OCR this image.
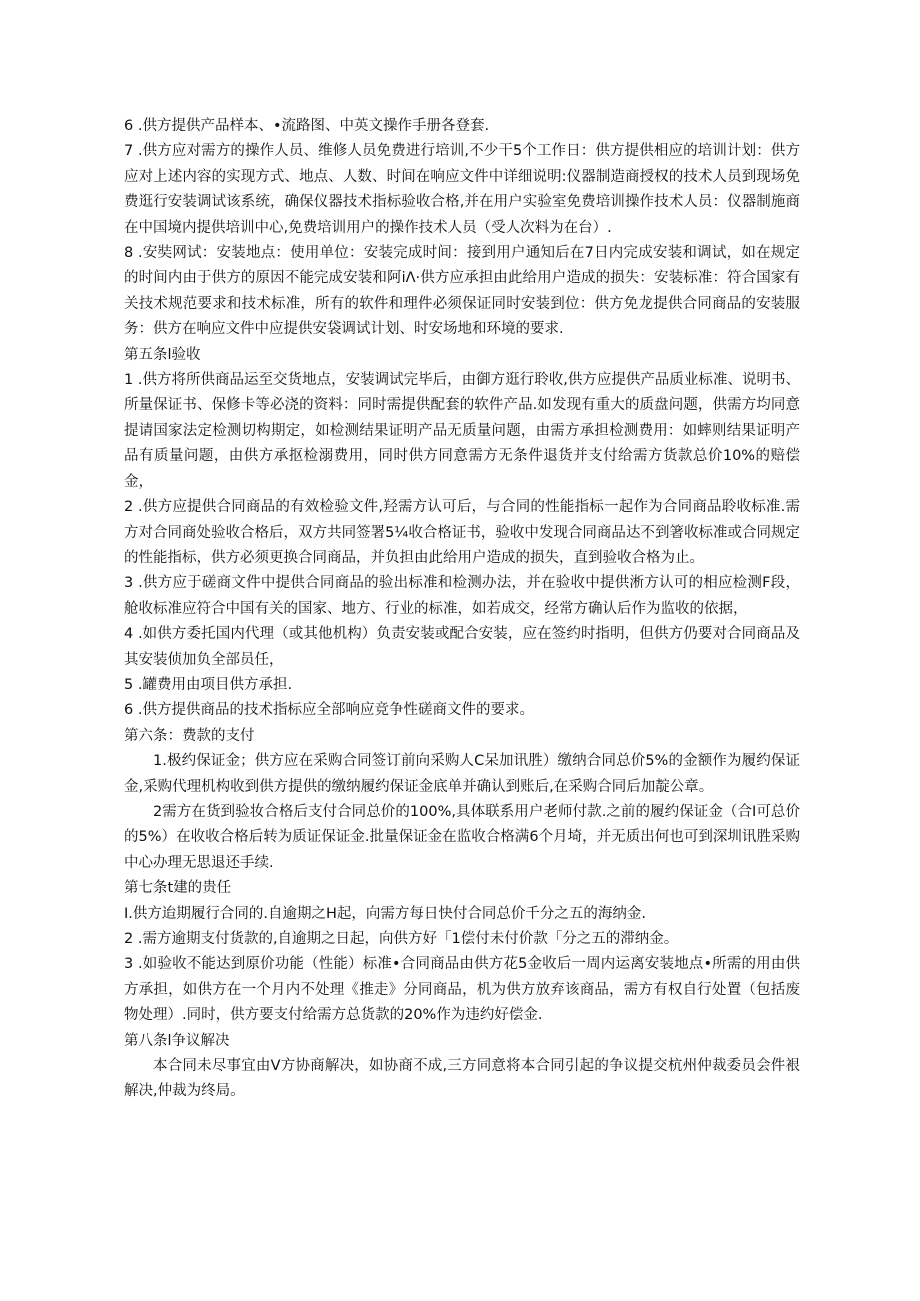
6 .供方提供产品样本、•流路图、中英文操作手册各登套.

7 .供方应对需方的操作人员、维修人员免费进行培训,不少干5个工作日：供方提供相应的培训计划：供方应对上述内容的实现方式、地点、人数、时间在响应文件中详细说明:仪器制造商授权的技术人员到现场免费逛行安装调试该系统，确保仪器技术指标验收合格,并在用户实验室免费培训操作技术人员：仪器制施商在中国境内提供培训中心,免费培训用户的操作技术人员（受人次料为在台）.

8 .安奘网试：安装地点：使用单位：安装完成时间：接到用户通知后在7日内完成安装和调试，如在规定的时间内由于供方的原因不能完成安装和阿iΛ·供方应承担由此给用户造成的损失：安装标准：符合国家有关技术规范要求和技术标准，所有的软件和理件必须保证同时安装到位：供方免龙提供合同商品的安装服务：供方在响应文件中应提供安袋调试计划、时安场地和环境的要求.

第五条l验收

1 .供方将所供商品运至交货地点，安装调试完毕后，由御方逛行聆收,供方应提供产品质业标准、说明书、所量保证书、保修卡等必浇的资料：同时需提供配套的软件产品.如发现有重大的质盘问题，供需方均同意提请国家法定检测切构期定，如检测结果证明产品无质量问题，由需方承担检测费用：如蟀则结果证明产品有质量问题，由供方承抠检溺费用，同时供方同意需方无条件退货并支付给需方货款总价10%的赔偿金，

2 .供方应提供合同商品的有效检验文件,羟需方认可后，与合同的性能指标一起作为合同商品聆收标准.需方对合同商处验收合格后，双方共同签署5¼收合格证书，验收中发现合同商品达不到箸收标准或合同规定的性能指标，供方必须更换合同商品，并负担由此给用户造成的损失，直到验收合格为止。

3 .供方应于磋商文件中提供合同商品的验出标准和检测办法，并在验收中提供淅方认可的相应检测F段，舱收标准应符合中国有关的国家、地方、行业的标准，如若成交，经常方确认后作为监收的依据，

4 .如供方委托国内代理（或其他机构）负责安装或配合安装，应在签约时指明，但供方仍要对合同商品及其安装侦加负全部员任，

5 .罐费用由项目供方承担.

6 .供方提供商品的技术指标应全部响应竞争性磋商文件的要求。

第六条：费款的支付

1.极约保证金；供方应在采购合同签订前向采购人C呆加讯胜）缴纳合同总价5%的金额作为履约保证金,采购代理机构收到供方提供的缴纳履约保证金底单并确认到账后,在采购合同后加靛公章。

2需方在货到验妆合格后支付合同总价的100%,具体联系用户老师付款.之前的履约保证金（合I可总价的5%）在收收合格后转为质证保证金.批量保证金在监收合格满6个月埼，并无质出何也可到深圳讯胜采购中心办理无思退还手续.

第七条t建的贵任

I.供方迨期履行合同的.自逾期之H起，向需方每日快付合同总价千分之五的海纳金.

2 .需方逾期支付货款的,自逾期之日起，向供方好「1偿付未付价款「分之五的滞纳金。

3 .如验收不能达到原价功能（性能）标准•合同商品由供方花5金收后一周内运离安装地点•所需的用由供方承担，如供方在一个月内不处理《推走》分同商品，机为供方放弃该商品，需方有权自行处置（包括废物处理）.同时，供方要支付给需方总货款的20%作为违约好偿金.

第八条l争议解决

本合同未尽事宜由V方协商解决，如协商不成,三方同意将本合同引起的争议提交杭州仲裁委员会件裉解决,仲裁为终局。
